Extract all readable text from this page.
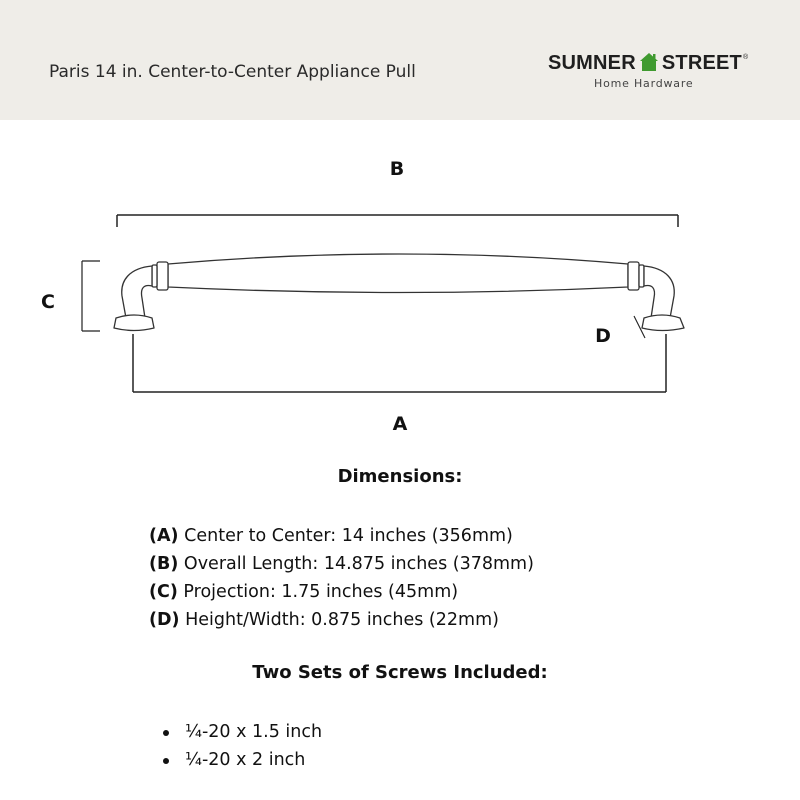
Paris 14 in. Center-to-Center Appliance Pull	SUMNER STREET ®
Home Hardware
B
C
D
A
Dimensions:
(A) Center to Center: 14 inches (356mm)
(B) Overall Length: 14.875 inches (378mm)
(C) Projection: 1.75 inches (45mm)
(D) Height/Width: 0.875 inches (22mm)
Two Sets of Screws Included:
¼-20 x 1.5 inch
¼-20 x 2 inch
